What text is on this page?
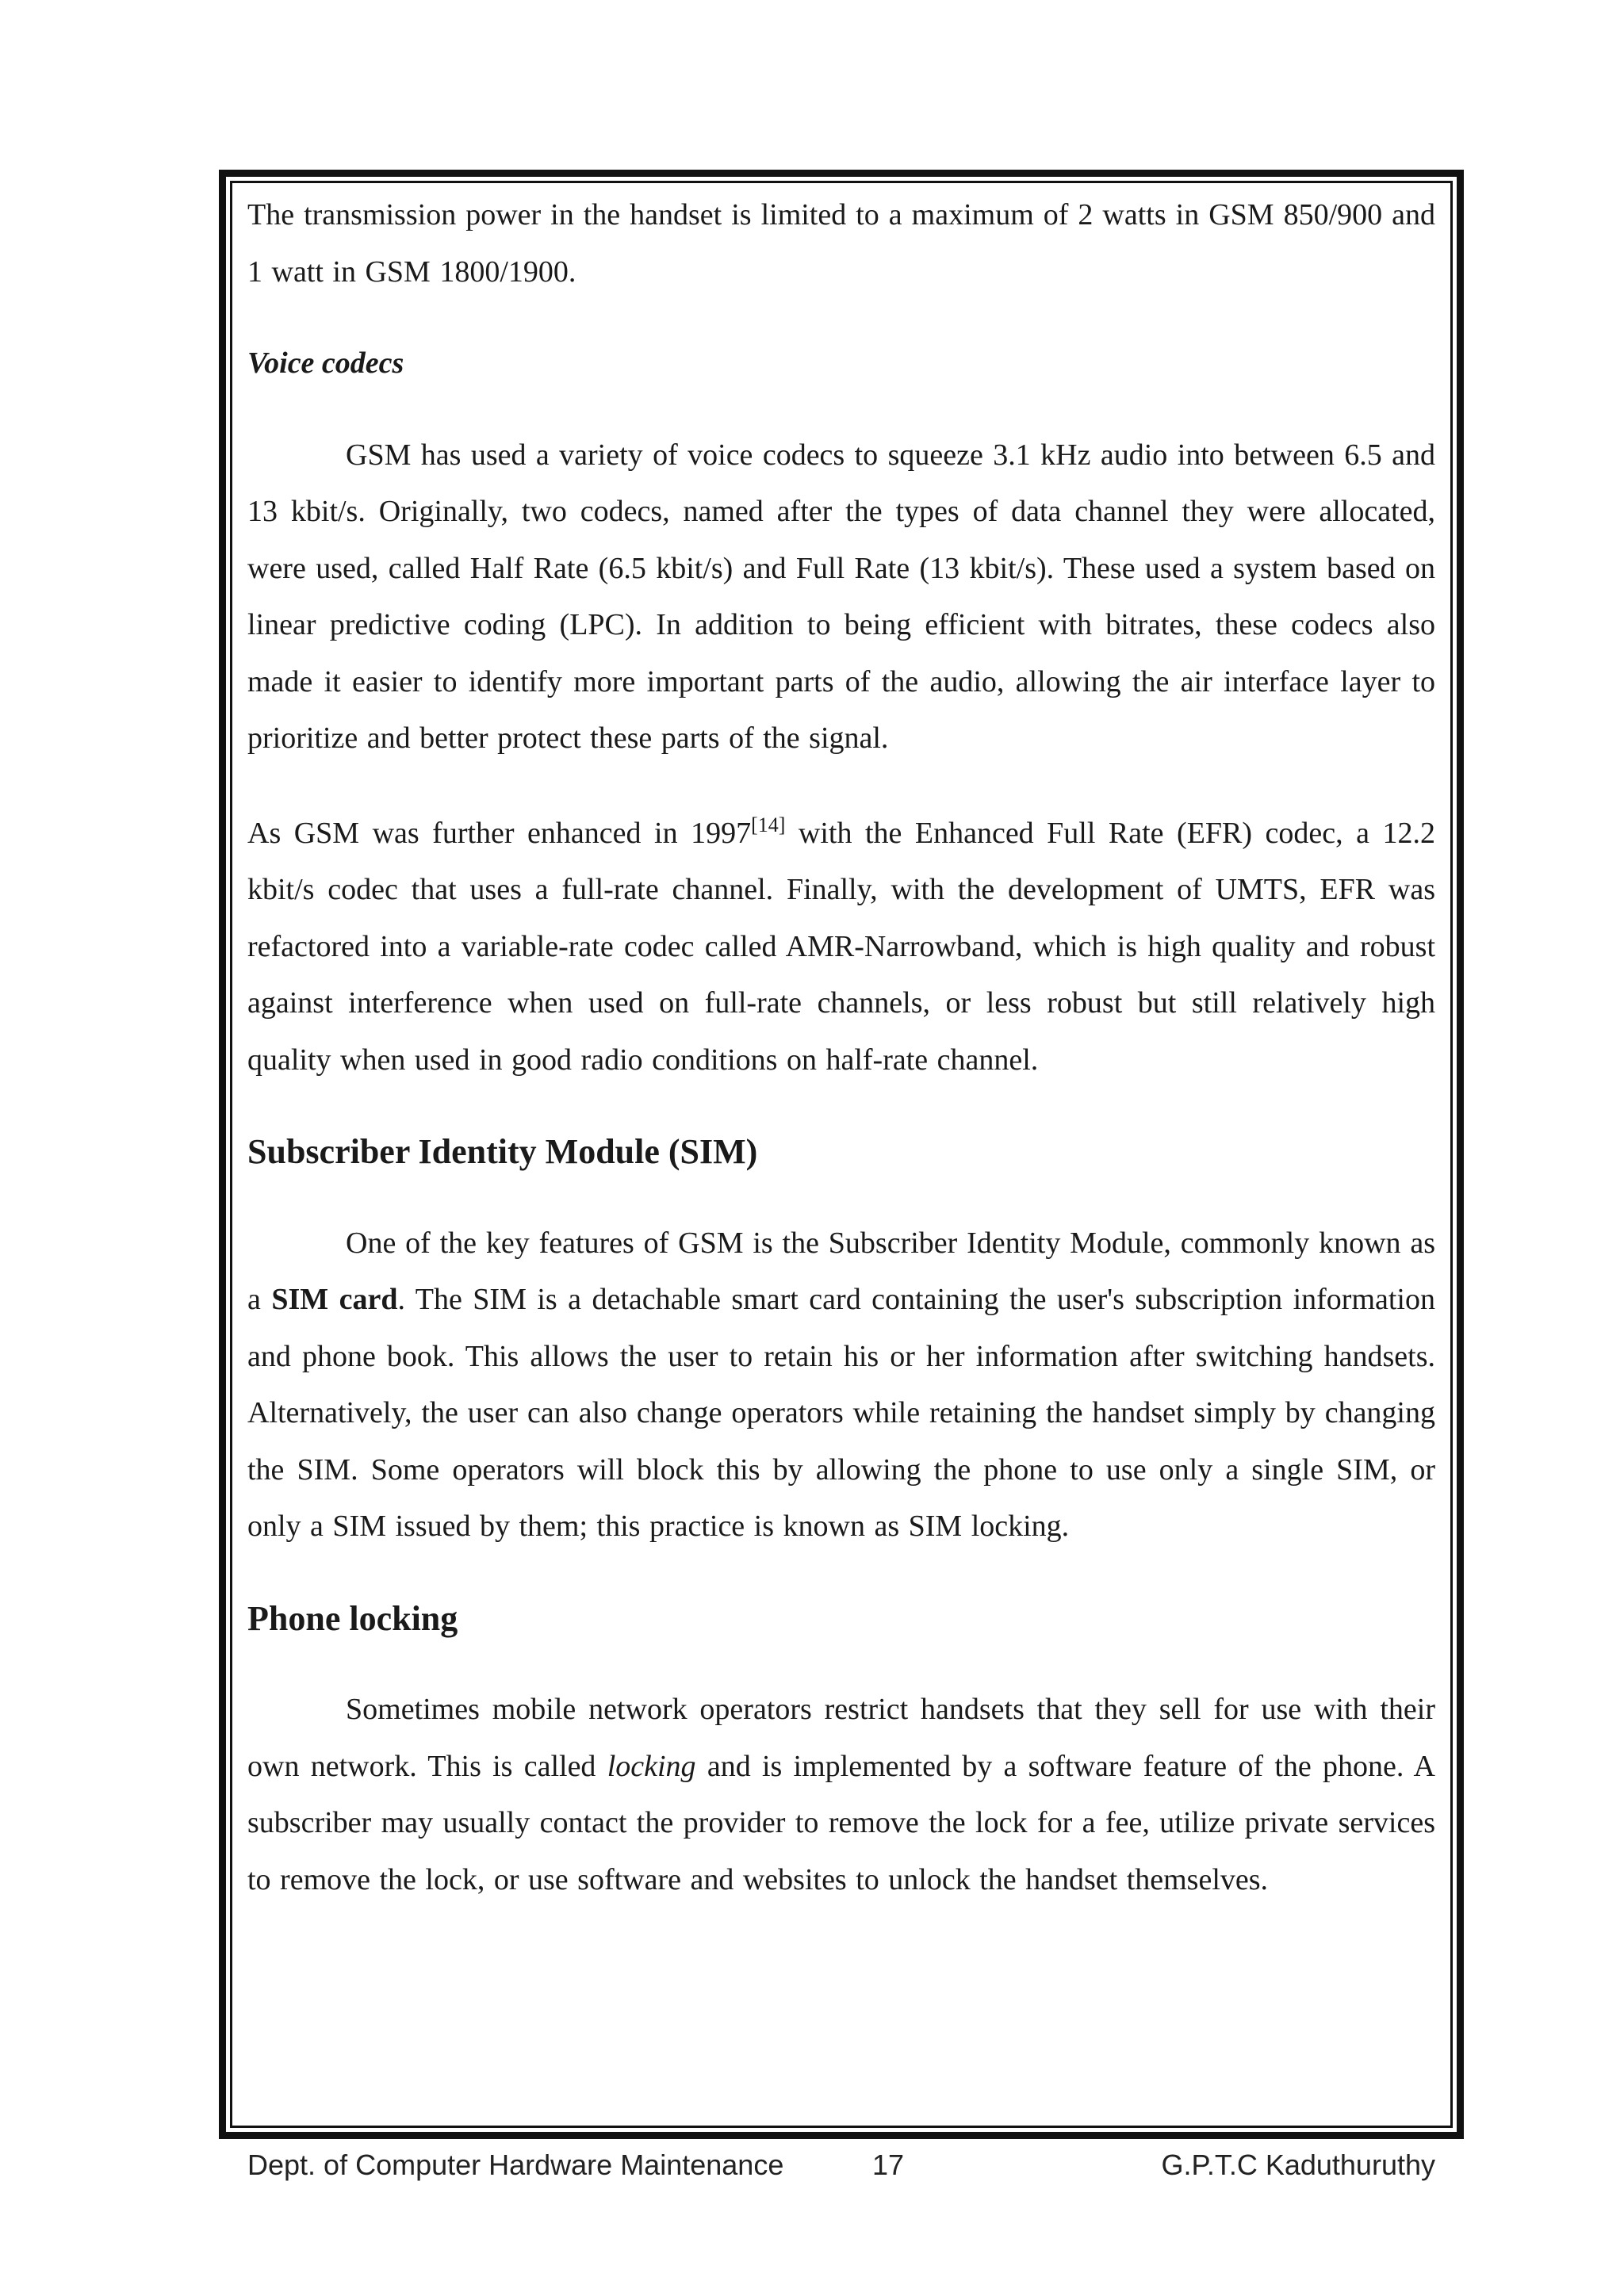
The transmission power in the handset is limited to a maximum of 2 watts in GSM 850/900 and 1 watt in GSM 1800/1900.

Voice codecs

GSM has used a variety of voice codecs to squeeze 3.1 kHz audio into between 6.5 and 13 kbit/s. Originally, two codecs, named after the types of data channel they were allocated, were used, called Half Rate (6.5 kbit/s) and Full Rate (13 kbit/s). These used a system based on linear predictive coding (LPC). In addition to being efficient with bitrates, these codecs also made it easier to identify more important parts of the audio, allowing the air interface layer to prioritize and better protect these parts of the signal.

As GSM was further enhanced in 1997[14] with the Enhanced Full Rate (EFR) codec, a 12.2 kbit/s codec that uses a full-rate channel. Finally, with the development of UMTS, EFR was refactored into a variable-rate codec called AMR-Narrowband, which is high quality and robust against interference when used on full-rate channels, or less robust but still relatively high quality when used in good radio conditions on half-rate channel.

Subscriber Identity Module (SIM)

One of the key features of GSM is the Subscriber Identity Module, commonly known as a SIM card. The SIM is a detachable smart card containing the user's subscription information and phone book. This allows the user to retain his or her information after switching handsets. Alternatively, the user can also change operators while retaining the handset simply by changing the SIM. Some operators will block this by allowing the phone to use only a single SIM, or only a SIM issued by them; this practice is known as SIM locking.

Phone locking

Sometimes mobile network operators restrict handsets that they sell for use with their own network. This is called locking and is implemented by a software feature of the phone. A subscriber may usually contact the provider to remove the lock for a fee, utilize private services to remove the lock, or use software and websites to unlock the handset themselves.

Dept. of Computer Hardware Maintenance	17	G.P.T.C Kaduthuruthy
